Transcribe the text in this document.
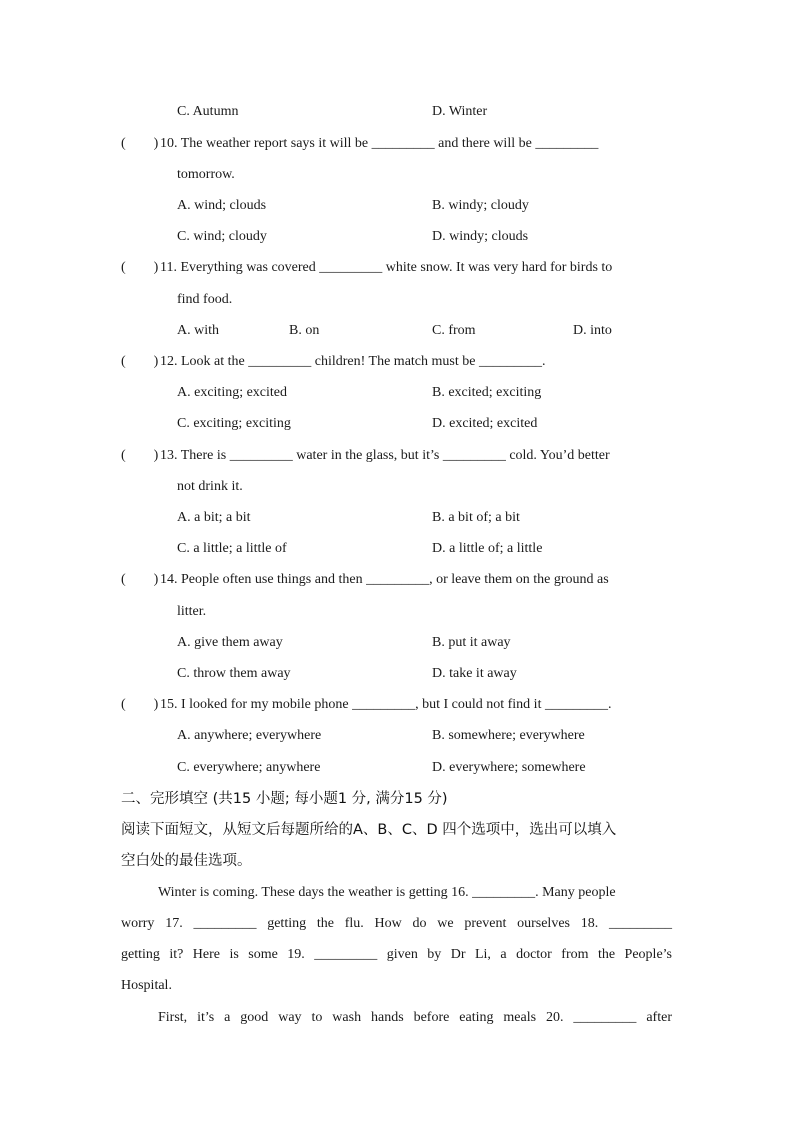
C. Autumn	D. Winter
(　　) 10. The weather report says it will be _________ and there will be _________
tomorrow.
A. wind; clouds	B. windy; cloudy
C. wind; cloudy	D. windy; clouds
(　　) 11. Everything was covered _________ white snow. It was very hard for birds to
find food.
A. with	B. on	C. from	D. into
(　　) 12. Look at the _________ children! The match must be _________.
A. exciting; excited	B. excited; exciting
C. exciting; exciting	D. excited; excited
(　　) 13. There is _________ water in the glass, but it’s _________ cold. You’d better
not drink it.
A. a bit; a bit	B. a bit of; a bit
C. a little; a little of	D. a little of; a little
(　　) 14. People often use things and then _________, or leave them on the ground as
litter.
A. give them away	B. put it away
C. throw them away	D. take it away
(　　) 15. I looked for my mobile phone _________, but I could not find it _________.
A. anywhere; everywhere	B. somewhere; everywhere
C. everywhere; anywhere	D. everywhere; somewhere
二、完形填空 (共15 小题; 每小题1 分, 满分15 分)
阅读下面短文，从短文后每题所给的A、B、C、D 四个选项中，选出可以填入
空白处的最佳选项。
Winter is coming. These days the weather is getting 16. _________. Many people
worry 17. _________ getting the flu. How do we prevent ourselves 18. _________
getting it? Here is some 19. _________ given by Dr Li, a doctor from the People’s
Hospital.
First, it’s a good way to wash hands before eating meals 20. _________ after
